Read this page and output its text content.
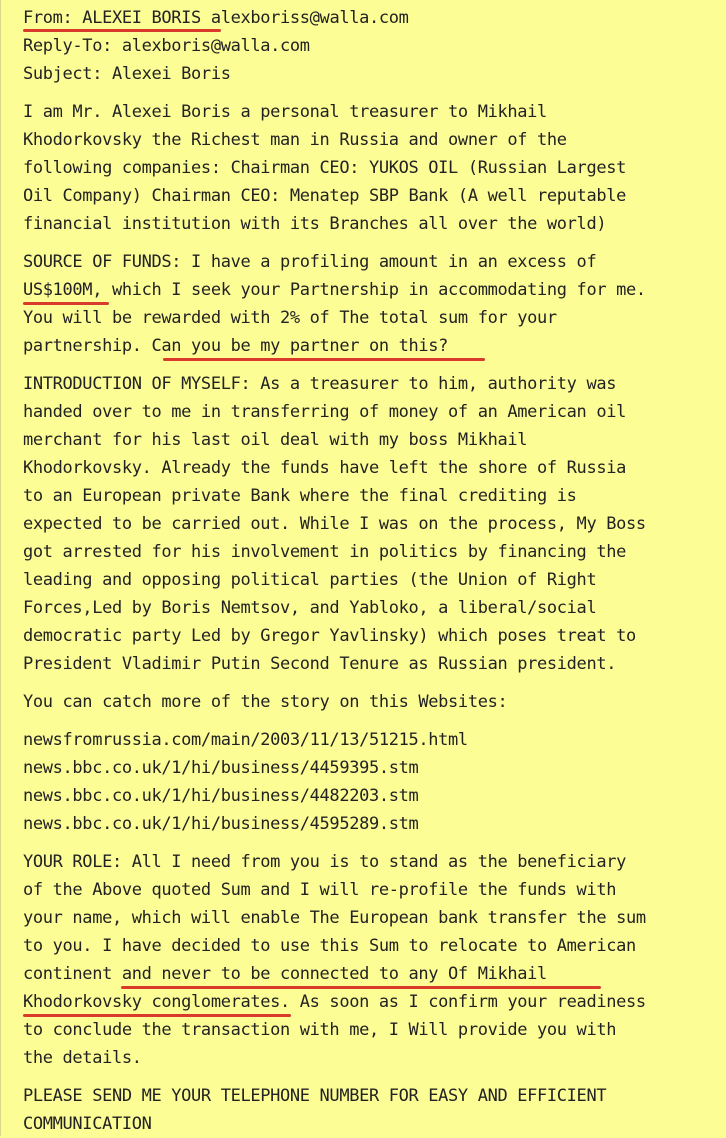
From: ALEXEI BORIS alexboriss@walla.com
Reply-To: alexboris@walla.com
Subject: Alexei Boris
I am Mr. Alexei Boris a personal treasurer to Mikhail
Khodorkovsky the Richest man in Russia and owner of the
following companies: Chairman CEO: YUKOS OIL (Russian Largest
Oil Company) Chairman CEO: Menatep SBP Bank (A well reputable
financial institution with its Branches all over the world)
SOURCE OF FUNDS: I have a profiling amount in an excess of
US$100M, which I seek your Partnership in accommodating for me.
You will be rewarded with 2% of The total sum for your
partnership. Can you be my partner on this?
INTRODUCTION OF MYSELF: As a treasurer to him, authority was
handed over to me in transferring of money of an American oil
merchant for his last oil deal with my boss Mikhail
Khodorkovsky. Already the funds have left the shore of Russia
to an European private Bank where the final crediting is
expected to be carried out. While I was on the process, My Boss
got arrested for his involvement in politics by financing the
leading and opposing political parties (the Union of Right
Forces,Led by Boris Nemtsov, and Yabloko, a liberal/social
democratic party Led by Gregor Yavlinsky) which poses treat to
President Vladimir Putin Second Tenure as Russian president.
You can catch more of the story on this Websites:
newsfromrussia.com/main/2003/11/13/51215.html
news.bbc.co.uk/1/hi/business/4459395.stm
news.bbc.co.uk/1/hi/business/4482203.stm
news.bbc.co.uk/1/hi/business/4595289.stm
YOUR ROLE: All I need from you is to stand as the beneficiary
of the Above quoted Sum and I will re-profile the funds with
your name, which will enable The European bank transfer the sum
to you. I have decided to use this Sum to relocate to American
continent and never to be connected to any Of Mikhail
Khodorkovsky conglomerates. As soon as I confirm your readiness
to conclude the transaction with me, I Will provide you with
the details.
PLEASE SEND ME YOUR TELEPHONE NUMBER FOR EASY AND EFFICIENT
COMMUNICATION
